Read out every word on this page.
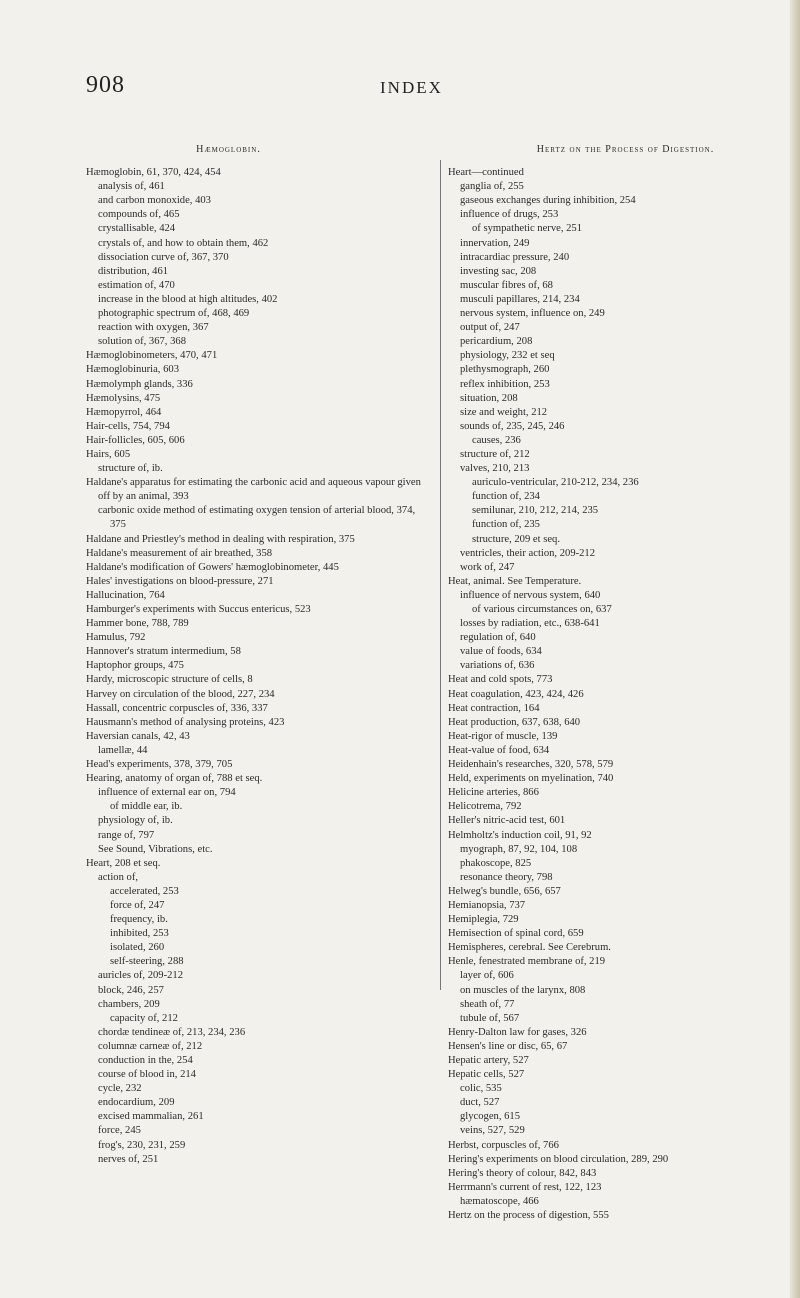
908	INDEX
Hæmoglobin.
Hæmoglobin, 61, 370, 424, 454
analysis of, 461
and carbon monoxide, 403
compounds of, 465
crystallisable, 424
crystals of, and how to obtain them, 462
dissociation curve of, 367, 370
distribution, 461
estimation of, 470
increase in the blood at high altitudes, 402
photographic spectrum of, 468, 469
reaction with oxygen, 367
solution of, 367, 368
Hæmoglobinometers, 470, 471
Hæmoglobinuria, 603
Hæmolymph glands, 336
Hæmolysins, 475
Hæmopyrrol, 464
Hair-cells, 754, 794
Hair-follicles, 605, 606
Hairs, 605
structure of, ib.
Haldane's apparatus for estimating the carbonic acid and aqueous vapour given off by an animal, 393
carbonic oxide method of estimating oxygen tension of arterial blood, 374, 375
Haldane and Priestley's method in dealing with respiration, 375
Haldane's measurement of air breathed, 358
Haldane's modification of Gowers' hæmoglobinometer, 445
Hales' investigations on blood-pressure, 271
Hallucination, 764
Hamburger's experiments with Succus entericus, 523
Hammer bone, 788, 789
Hamulus, 792
Hannover's stratum intermedium, 58
Haptophor groups, 475
Hardy, microscopic structure of cells, 8
Harvey on circulation of the blood, 227, 234
Hassall, concentric corpuscles of, 336, 337
Hausmann's method of analysing proteins, 423
Haversian canals, 42, 43
lamellæ, 44
Head's experiments, 378, 379, 705
Hearing, anatomy of organ of, 788 et seq.
influence of external ear on, 794
of middle ear, ib.
physiology of, ib.
range of, 797
See Sound, Vibrations, etc.
Heart, 208 et seq.
action of,
accelerated, 253
force of, 247
frequency, ib.
inhibited, 253
isolated, 260
self-steering, 288
auricles of, 209-212
block, 246, 257
chambers, 209
capacity of, 212
chordæ tendineæ of, 213, 234, 236
columnæ carneæ of, 212
conduction in the, 254
course of blood in, 214
cycle, 232
endocardium, 209
excised mammalian, 261
force, 245
frog's, 230, 231, 259
nerves of, 251
Hertz on the Process of Digestion.
Heart—continued
ganglia of, 255
gaseous exchanges during inhibition, 254
influence of drugs, 253
of sympathetic nerve, 251
innervation, 249
intracardiac pressure, 240
investing sac, 208
muscular fibres of, 68
musculi papillares, 214, 234
nervous system, influence on, 249
output of, 247
pericardium, 208
physiology, 232 et seq
plethysmograph, 260
reflex inhibition, 253
situation, 208
size and weight, 212
sounds of, 235, 245, 246
causes, 236
structure of, 212
valves, 210, 213
auriculo-ventricular, 210-212, 234, 236
function of, 234
semilunar, 210, 212, 214, 235
function of, 235
structure, 209 et seq.
ventricles, their action, 209-212
work of, 247
Heat, animal. See Temperature.
influence of nervous system, 640
of various circumstances on, 637
losses by radiation, etc., 638-641
regulation of, 640
value of foods, 634
variations of, 636
Heat and cold spots, 773
Heat coagulation, 423, 424, 426
Heat contraction, 164
Heat production, 637, 638, 640
Heat-rigor of muscle, 139
Heat-value of food, 634
Heidenhain's researches, 320, 578, 579
Held, experiments on myelination, 740
Helicine arteries, 866
Helicotrema, 792
Heller's nitric-acid test, 601
Helmholtz's induction coil, 91, 92
myograph, 87, 92, 104, 108
phakoscope, 825
resonance theory, 798
Helweg's bundle, 656, 657
Hemianopsia, 737
Hemiplegia, 729
Hemisection of spinal cord, 659
Hemispheres, cerebral. See Cerebrum.
Henle, fenestrated membrane of, 219
layer of, 606
on muscles of the larynx, 808
sheath of, 77
tubule of, 567
Henry-Dalton law for gases, 326
Hensen's line or disc, 65, 67
Hepatic artery, 527
Hepatic cells, 527
colic, 535
duct, 527
glycogen, 615
veins, 527, 529
Herbst, corpuscles of, 766
Hering's experiments on blood circulation, 289, 290
Hering's theory of colour, 842, 843
Herrmann's current of rest, 122, 123
hæmatoscope, 466
Hertz on the process of digestion, 555
